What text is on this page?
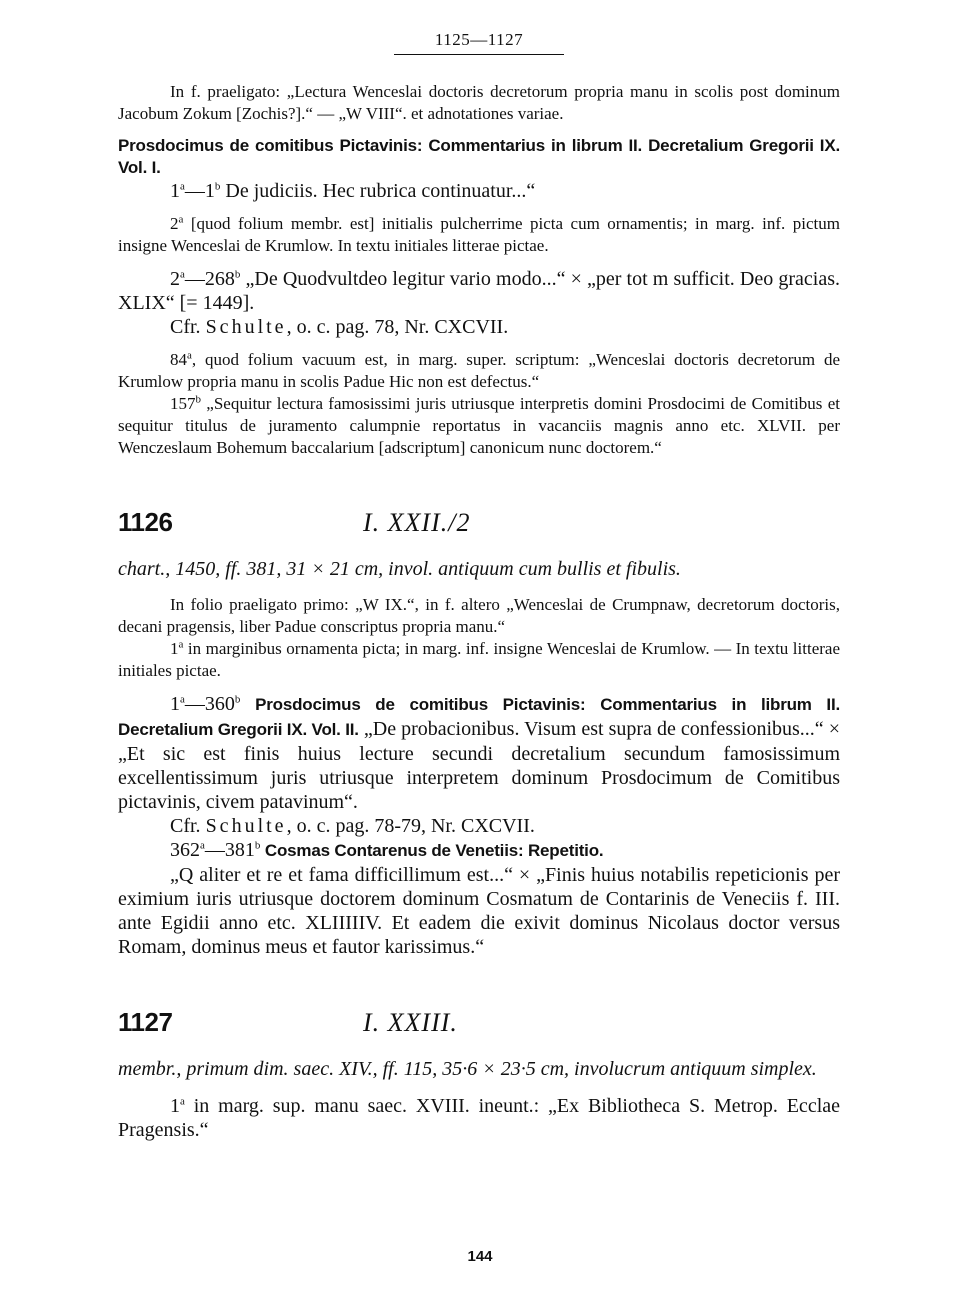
1125—1127

In f. praeligato: „Lectura Wenceslai doctoris decretorum propria manu in scolis post dominum Jacobum Zokum [Zochis?].“ — „W VIII“. et adnotationes variae.

Prosdocimus de comitibus Pictavinis: Commentarius in librum II. Decretalium Gregorii IX. Vol. I.

1$^a$—1$^b$ De judiciis. Hec rubrica continuatur...“

2$^a$ [quod folium membr. est] initialis pulcherrime picta cum ornamentis; in marg. inf. pictum insigne Wenceslai de Krumlow. In textu initiales litterae pictae.

2$^a$—268$^b$ „De Quodvultdeo legitur vario modo...“ × „per tot m sufficit. Deo gracias. XLIX“ [= 1449].

Cfr. Schulte, o. c. pag. 78, Nr. CXCVII.

84$^a$, quod folium vacuum est, in marg. super. scriptum: „Wenceslai doctoris decretorum de Krumlow propria manu in scolis Padue Hic non est defectus.“

157$^b$ „Sequitur lectura famosissimi juris utriusque interpretis domini Prosdocimi de Comitibus et sequitur titulus de juramento calumpnie reportatus in vacanciis magnis anno etc. XLVII. per Wenczeslaum Bohemum baccalarium [adscriptum] canonicum nunc doctorem.“

1126	I. XXII./2

chart., 1450, ff. 381, 31 × 21 cm, invol. antiquum cum bullis et fibulis.

In folio praeligato primo: „W IX.“, in f. altero „Wenceslai de Crumpnaw, decretorum doctoris, decani pragensis, liber Padue conscriptus propria manu.“

1$^a$ in marginibus ornamenta picta; in marg. inf. insigne Wenceslai de Krumlow. — In textu litterae initiales pictae.

1$^a$—360$^b$ Prosdocimus de comitibus Pictavinis: Commentarius in librum II. Decretalium Gregorii IX. Vol. II. „De probacionibus. Visum est supra de confessionibus...“ × „Et sic est finis huius lecture secundi decretalium secundum famosissimum excellentissimum juris utriusque interpretem dominum Prosdocimum de Comitibus pictavinis, civem patavinum“.

Cfr. Schulte, o. c. pag. 78-79, Nr. CXCVII.

362$^a$—381$^b$ Cosmas Contarenus de Venetiis: Repetitio.

„Q aliter et re et fama difficillimum est...“ × „Finis huius notabilis repeticionis per eximium iuris utriusque doctorem dominum Cosmatum de Contarinis de Veneciis f. III. ante Egidii anno etc. XLIIIIIV. Et eadem die exivit dominus Nicolaus doctor versus Romam, dominus meus et fautor karissimus.“

1127	I. XXIII.

membr., primum dim. saec. XIV., ff. 115, 35·6 × 23·5 cm, involucrum antiquum simplex.

1$^a$ in marg. sup. manu saec. XVIII. ineunt.: „Ex Bibliotheca S. Metrop. Ecclae Pragensis.“

144
